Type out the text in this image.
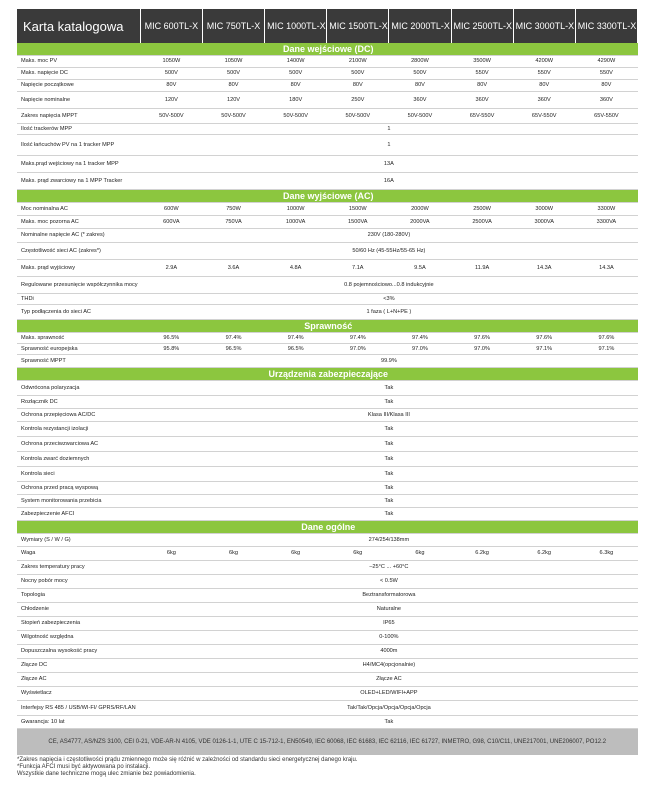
Karta katalogowa	MIC 600TL-X	MIC 750TL-X	MIC 1000TL-X	MIC 1500TL-X	MIC 2000TL-X	MIC 2500TL-X	MIC 3000TL-X	MIC 3300TL-X
Dane wejściowe (DC)								
Maks. moc PV	1050W	1050W	1400W	2100W	2800W	3500W	4200W	4290W
Maks. napięcie DC	500V	500V	500V	500V	500V	550V	550V	550V
Napięcie początkowe	80V	80V	80V	80V	80V	80V	80V	80V
Napięcie nominalne	120V	120V	180V	250V	360V	360V	360V	360V
Zakres napięcia MPPT	50V-500V	50V-500V	50V-500V	50V-500V	50V-500V	65V-550V	65V-550V	65V-550V
Ilość trackerów MPP	1							
Ilość łańcuchów PV na 1 tracker MPP	1							
Maks.prąd wejściowy na 1 tracker MPP	13A							
Maks. prąd zwarciowy na 1 MPP Tracker	16A							
Dane wyjściowe (AC)								
Moc nominalna AC	600W	750W	1000W	1500W	2000W	2500W	3000W	3300W
Maks. moc pozorna AC	600VA	750VA	1000VA	1500VA	2000VA	2500VA	3000VA	3300VA
Nominalne napięcie AC (* zakres)	230V (180-280V)							
Częstotliwość sieci AC (zakres*)	50/60 Hz (45-55Hz/55-65 Hz)							
Maks. prąd wyjściowy	2.9A	3.6A	4.8A	7.1A	9.5A	11.9A	14.3A	14.3A
Regulowane przesunięcie współczynnika mocy	0.8 pojemnościowo...0.8 indukcyjnie							
THDi	<3%							
Typ podłączenia do sieci AC	1 faza ( L+N+PE )							
Sprawność								
Maks. sprawność	96.5%	97.4%	97.4%	97.4%	97.4%	97.6%	97.6%	97.6%
Sprawność europejska	95.8%	96.5%	96.5%	97.0%	97.0%	97.0%	97.1%	97.1%
Sprawność MPPT	99.9%							
Urządzenia zabezpieczające								
Odwrócona polaryzacja	Tak							
Rozłącznik DC	Tak							
Ochrona przepięciowa AC/DC	Klasa III/Klasa III							
Kontrola rezystancji izolacji	Tak							
Ochrona przeciwzwarciowa AC	Tak							
Kontrola zwarć doziemnych	Tak							
Kontrola sieci	Tak							
Ochrona przed pracą wyspową	Tak							
System monitorowania przebicia	Tak							
Zabezpieczenie AFCI	Tak							
Dane ogólne								
Wymiary (S / W / G)	274/254/138mm							
Waga	6kg	6kg	6kg	6kg	6kg	6.2kg	6.2kg	6.3kg
Zakres temperatury pracy	–25°C ... +60°C							
Nocny pobór mocy	< 0.5W							
Topologia	Beztransformatorowa							
Chłodzenie	Naturalne							
Stopień zabezpieczenia	IP65							
Wilgotność względna	0-100%							
Dopuszczalna wysokość pracy	4000m							
Złącze DC	H4/MC4(opcjonalnie)							
Złącze AC	Złącze AC							
Wyświetlacz	OLED+LED/WIFI+APP							
Interfejsy RS 485 / USB/WI-FI/ GPRS/RF/LAN	Tak/Tak/Opcja/Opcja/Opcja/Opcja							
Gwarancja: 10 lat	Tak							
CE, AS4777, AS/NZS 3100, CEI 0-21, VDE-AR-N 4105, VDE 0126-1-1, UTE C 15-712-1, EN50549, IEC 60068, IEC 61683, IEC 62116, IEC 61727, INMETRO, G98, C10/C11, UNE217001, UNE206007, PO12.2								
*Zakres napięcia i częstotliwości prądu zmiennego może się różnić w zależności od standardu sieci energetycznej danego kraju.
*Funkcja AFCI musi być aktywowana po instalacji.
Wszystkie dane techniczne mogą ulec zmianie bez powiadomienia.
